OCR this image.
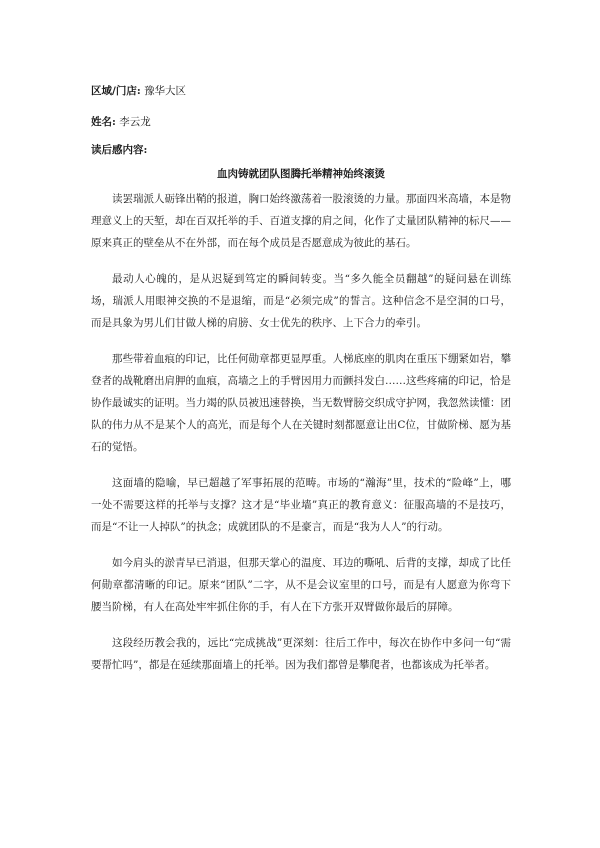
区域/门店: 豫华大区
姓名: 李云龙
读后感内容:
血肉铸就团队图腾托举精神始终滚烫

读罢瑞派人砺锋出鞘的报道，胸口始终激荡着一股滚烫的力量。那面四米高墙，本是物理意义上的天堑，却在百双托举的手、百道支撑的肩之间，化作了丈量团队精神的标尺——原来真正的壁垒从不在外部，而在每个成员是否愿意成为彼此的基石。

最动人心魄的，是从迟疑到笃定的瞬间转变。当“多久能全员翻越”的疑问悬在训练场，瑞派人用眼神交换的不是退缩，而是“必须完成”的誓言。这种信念不是空洞的口号，而是具象为男儿们甘做人梯的肩膀、女士优先的秩序、上下合力的牵引。

那些带着血痕的印记，比任何勋章都更显厚重。人梯底座的肌肉在重压下绷紧如岩，攀登者的战靴磨出肩胛的血痕，高墙之上的手臂因用力而颤抖发白……这些疼痛的印记，恰是协作最诚实的证明。当力竭的队员被迅速替换，当无数臂膀交织成守护网，我忽然读懂：团队的伟力从不是某个人的高光，而是每个人在关键时刻都愿意让出C位，甘做阶梯、愿为基石的觉悟。

这面墙的隐喻，早已超越了军事拓展的范畴。市场的“瀚海”里，技术的“险峰”上，哪一处不需要这样的托举与支撑？这才是“毕业墙”真正的教育意义：征服高墙的不是技巧，而是“不让一人掉队”的执念；成就团队的不是豪言，而是“我为人人”的行动。

如今肩头的淤青早已消退，但那天掌心的温度、耳边的嘶吼、后背的支撑，却成了比任何勋章都清晰的印记。原来“团队”二字，从不是会议室里的口号，而是有人愿意为你弯下腰当阶梯，有人在高处牢牢抓住你的手，有人在下方张开双臂做你最后的屏障。

这段经历教会我的，远比“完成挑战”更深刻：往后工作中，每次在协作中多问一句“需要帮忙吗”，都是在延续那面墙上的托举。因为我们都曾是攀爬者，也都该成为托举者。
